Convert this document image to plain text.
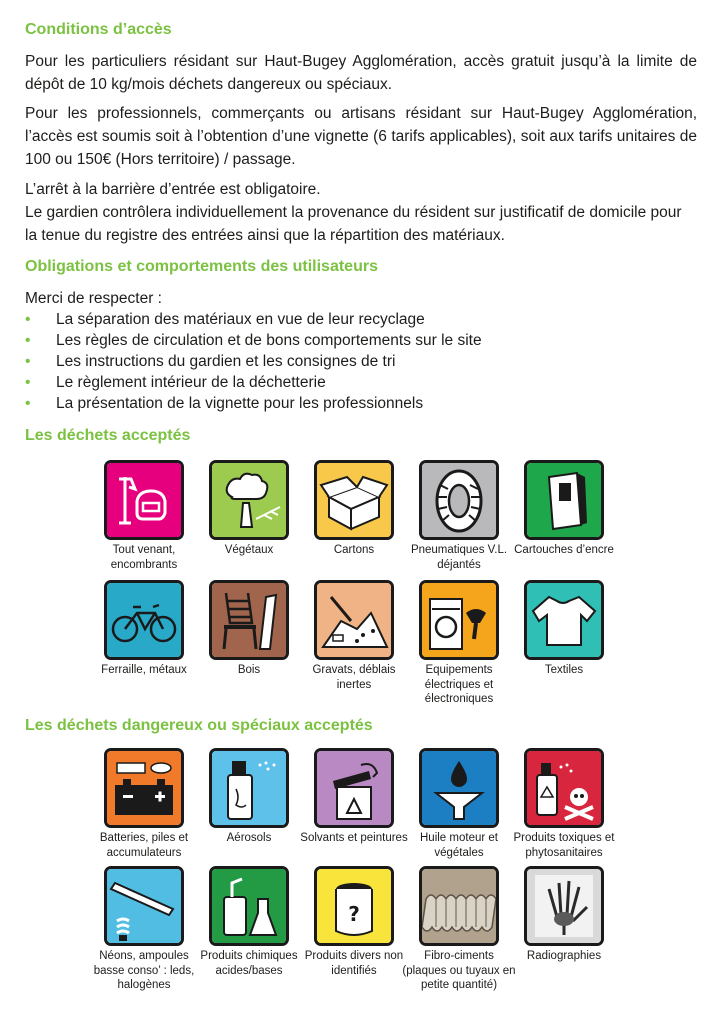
Conditions d’accès

Pour les particuliers résidant sur Haut-Bugey Agglomération, accès gratuit jusqu’à la limite de dépôt de 10 kg/mois déchets dangereux ou spéciaux.

Pour les professionnels, commerçants ou artisans résidant sur Haut-Bugey Agglomération, l’accès est soumis soit à l’obtention d’une vignette (6 tarifs applicables), soit aux tarifs unitaires de 100 ou 150€ (Hors territoire) / passage.

L’arrêt à la barrière d’entrée est obligatoire.
Le gardien contrôlera individuellement la provenance du résident sur justificatif de domicile pour la tenue du registre des entrées ainsi que la répartition des matériaux.

Obligations et comportements des utilisateurs

Merci de respecter :

• La séparation des matériaux en vue de leur recyclage
• Les règles de circulation et de bons comportements sur le site
• Les instructions du gardien et les consignes de tri
• Le règlement intérieur de la déchetterie
• La présentation de la vignette pour les professionnels
Les déchets acceptés
Tout venant, encombrants
Végétaux	Cartons	Pneumatiques V.L. déjantés
Cartouches d’encre
Ferraille, métaux	Bois	Gravats, déblais inertes
Equipements électriques et électroniques
Textiles
Les déchets dangereux ou spéciaux acceptés
Batteries, piles et accumulateurs
Aérosols	Solvants et peintures	Huile moteur et végétales
Produits toxiques et phytosanitaires
Néons, ampoules basse conso’ : leds, halogènes
Produits chimiques acides/bases
?
Produits divers non identifiés
Fibro-ciments (plaques ou tuyaux en petite quantité)
Radiographies
